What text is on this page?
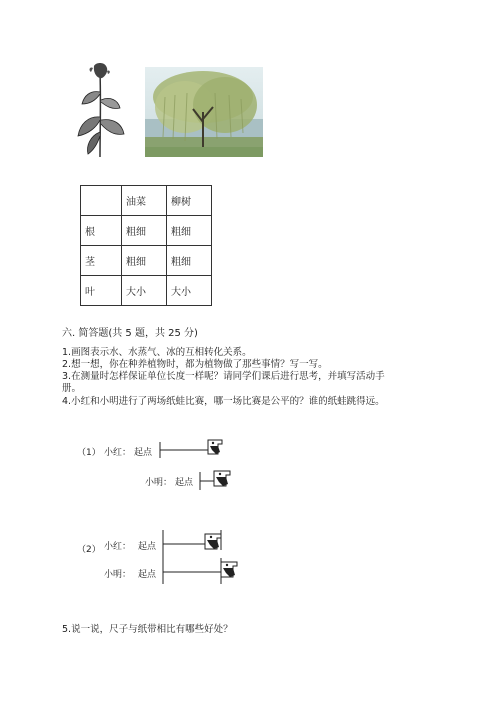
	油菜	柳树
根	粗细	粗细
茎	粗细	粗细
叶	大小	大小
六. 简答题(共 5 题，共 25 分)
1.画图表示水、水蒸气、冰的互相转化关系。
2.想一想，你在种养植物时，都为植物做了那些事情？写一写。
3.在测量时怎样保证单位长度一样呢？请同学们课后进行思考，并填写活动手
册。
4.小红和小明进行了两场纸蛙比赛，哪一场比赛是公平的？谁的纸蛙跳得远。
（1） 小红： 起点
小明： 起点
（2） 小红： 起点
小明： 起点
5.说一说，尺子与纸带相比有哪些好处？
